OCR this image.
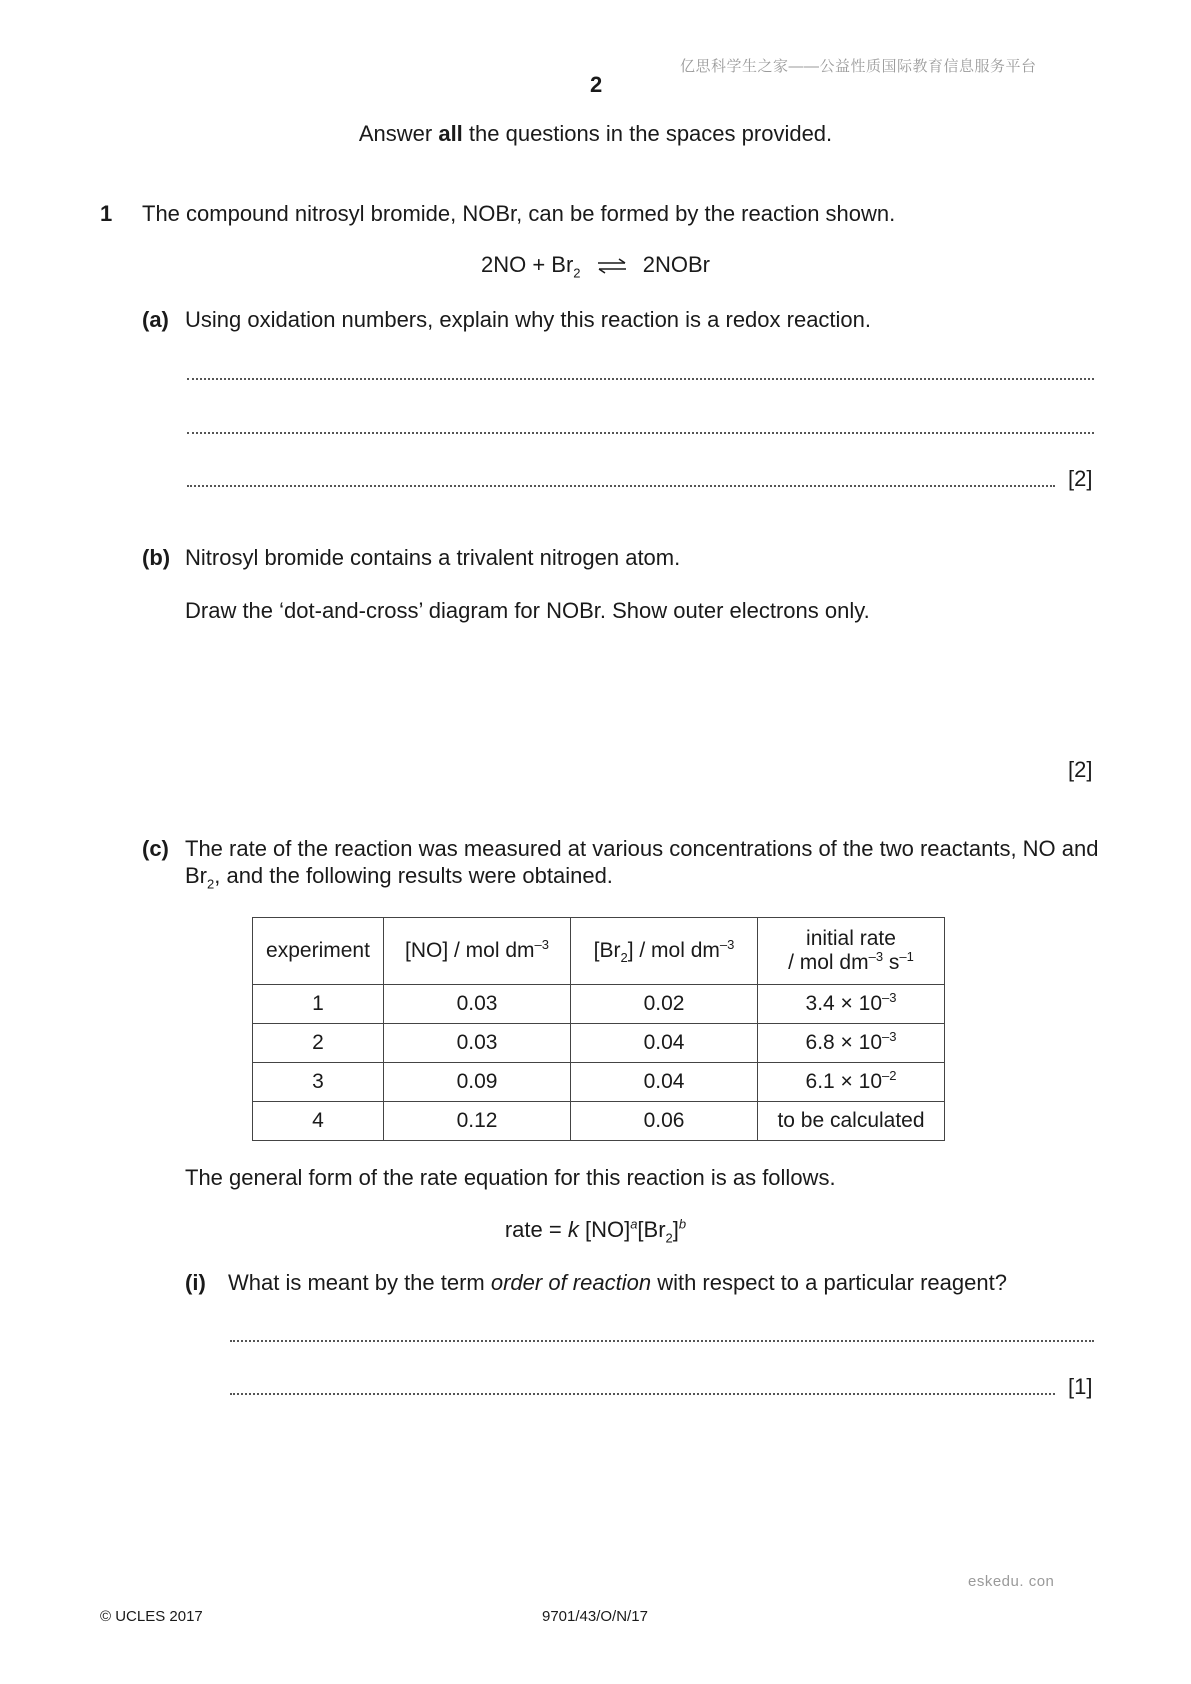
亿思科学生之家——公益性质国际教育信息服务平台
2
Answer all the questions in the spaces provided.
1 The compound nitrosyl bromide, NOBr, can be formed by the reaction shown.
$2NO + Br_2$ ⇌ 2NOBr
(a) Using oxidation numbers, explain why this reaction is a redox reaction.
[2]
(b) Nitrosyl bromide contains a trivalent nitrogen atom.
Draw the ‘dot-and-cross’ diagram for NOBr. Show outer electrons only.
[2]
(c) The rate of the reaction was measured at various concentrations of the two reactants, NO and
$Br_2$, and the following results were obtained.
experiment	[NO] / mol $dm^{-3}$	$[Br_2]$ / mol $dm^{-3}$	initial rate
/ mol $dm^{-3}$ $s^{-1}$

1	0.03	0.02	$3.4 \times 10^{-3}$
2	0.03	0.04	$6.8 \times 10^{-3}$
3	0.09	0.04	$6.1 \times 10^{-2}$
4	0.12	0.06	to be calculated
The general form of the rate equation for this reaction is as follows.
rate = k $[NO]^a[Br_2]^b$
(i) What is meant by the term order of reaction with respect to a particular reagent?
[1]
eskedu. con
© UCLES 2017	9701/43/O/N/17
